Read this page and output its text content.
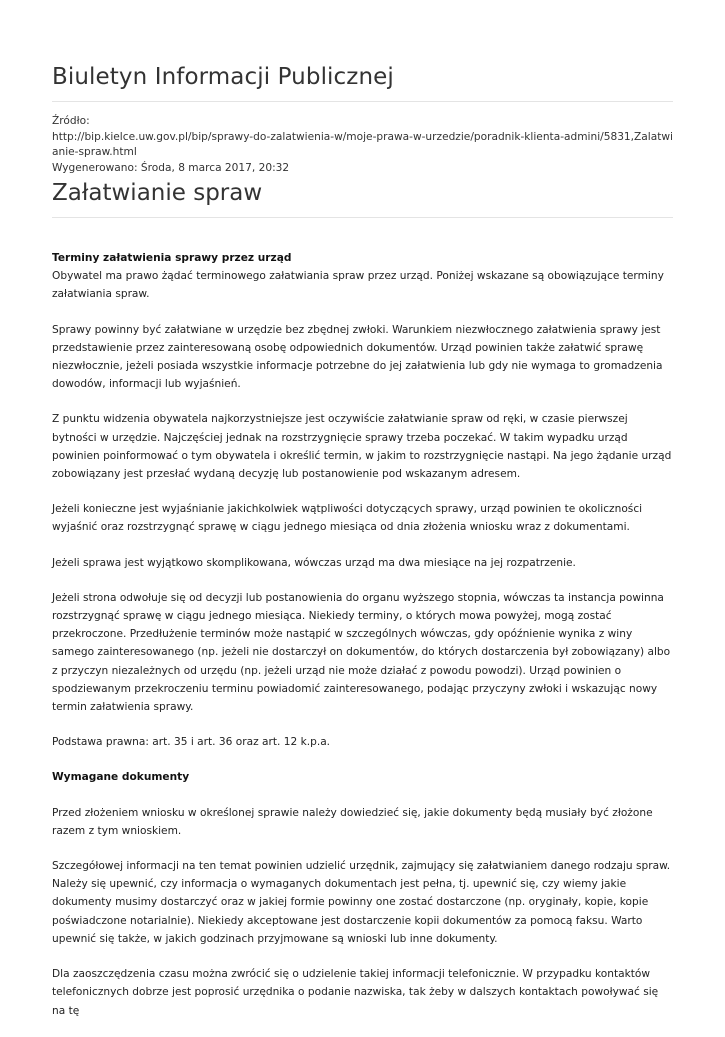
Biuletyn Informacji Publicznej
Źródło:
http://bip.kielce.uw.gov.pl/bip/sprawy-do-zalatwienia-w/moje-prawa-w-urzedzie/poradnik-klienta-admini/5831,Zalatwianie-spraw.html
Wygenerowano: Środa, 8 marca 2017, 20:32
Załatwianie spraw
Terminy załatwienia sprawy przez urząd

Obywatel ma prawo żądać terminowego załatwiania spraw przez urząd. Poniżej wskazane są obowiązujące terminy załatwiania spraw.

Sprawy powinny być załatwiane w urzędzie bez zbędnej zwłoki. Warunkiem niezwłocznego załatwienia sprawy jest przedstawienie przez zainteresowaną osobę odpowiednich dokumentów. Urząd powinien także załatwić sprawę niezwłocznie, jeżeli posiada wszystkie informacje potrzebne do jej załatwienia lub gdy nie wymaga to gromadzenia dowodów, informacji lub wyjaśnień.

Z punktu widzenia obywatela najkorzystniejsze jest oczywiście załatwianie spraw od ręki, w czasie pierwszej bytności w urzędzie. Najczęściej jednak na rozstrzygnięcie sprawy trzeba poczekać. W takim wypadku urząd powinien poinformować o tym obywatela i określić termin, w jakim to rozstrzygnięcie nastąpi. Na jego żądanie urząd zobowiązany jest przesłać wydaną decyzję lub postanowienie pod wskazanym adresem.

Jeżeli konieczne jest wyjaśnianie jakichkolwiek wątpliwości dotyczących sprawy, urząd powinien te okoliczności wyjaśnić oraz rozstrzygnąć sprawę w ciągu jednego miesiąca od dnia złożenia wniosku wraz z dokumentami.

Jeżeli sprawa jest wyjątkowo skomplikowana, wówczas urząd ma dwa miesiące na jej rozpatrzenie.

Jeżeli strona odwołuje się od decyzji lub postanowienia do organu wyższego stopnia, wówczas ta instancja powinna rozstrzygnąć sprawę w ciągu jednego miesiąca. Niekiedy terminy, o których mowa powyżej, mogą zostać przekroczone. Przedłużenie terminów może nastąpić w szczególnych wówczas, gdy opóźnienie wynika z winy samego zainteresowanego (np. jeżeli nie dostarczył on dokumentów, do których dostarczenia był zobowiązany) albo z przyczyn niezależnych od urzędu (np. jeżeli urząd nie może działać z powodu powodzi). Urząd powinien o spodziewanym przekroczeniu terminu powiadomić zainteresowanego, podając przyczyny zwłoki i wskazując nowy termin załatwienia sprawy.

Podstawa prawna: art. 35 i art. 36 oraz art. 12 k.p.a.

Wymagane dokumenty

Przed złożeniem wniosku w określonej sprawie należy dowiedzieć się, jakie dokumenty będą musiały być złożone razem z tym wnioskiem.

Szczegółowej informacji na ten temat powinien udzielić urzędnik, zajmujący się załatwianiem danego rodzaju spraw. Należy się upewnić, czy informacja o wymaganych dokumentach jest pełna, tj. upewnić się, czy wiemy jakie dokumenty musimy dostarczyć oraz w jakiej formie powinny one zostać dostarczone (np. oryginały, kopie, kopie poświadczone notarialnie). Niekiedy akceptowane jest dostarczenie kopii dokumentów za pomocą faksu. Warto upewnić się także, w jakich godzinach przyjmowane są wnioski lub inne dokumenty.

Dla zaoszczędzenia czasu można zwrócić się o udzielenie takiej informacji telefonicznie. W przypadku kontaktów telefonicznych dobrze jest poprosić urzędnika o podanie nazwiska, tak żeby w dalszych kontaktach powoływać się na tę
